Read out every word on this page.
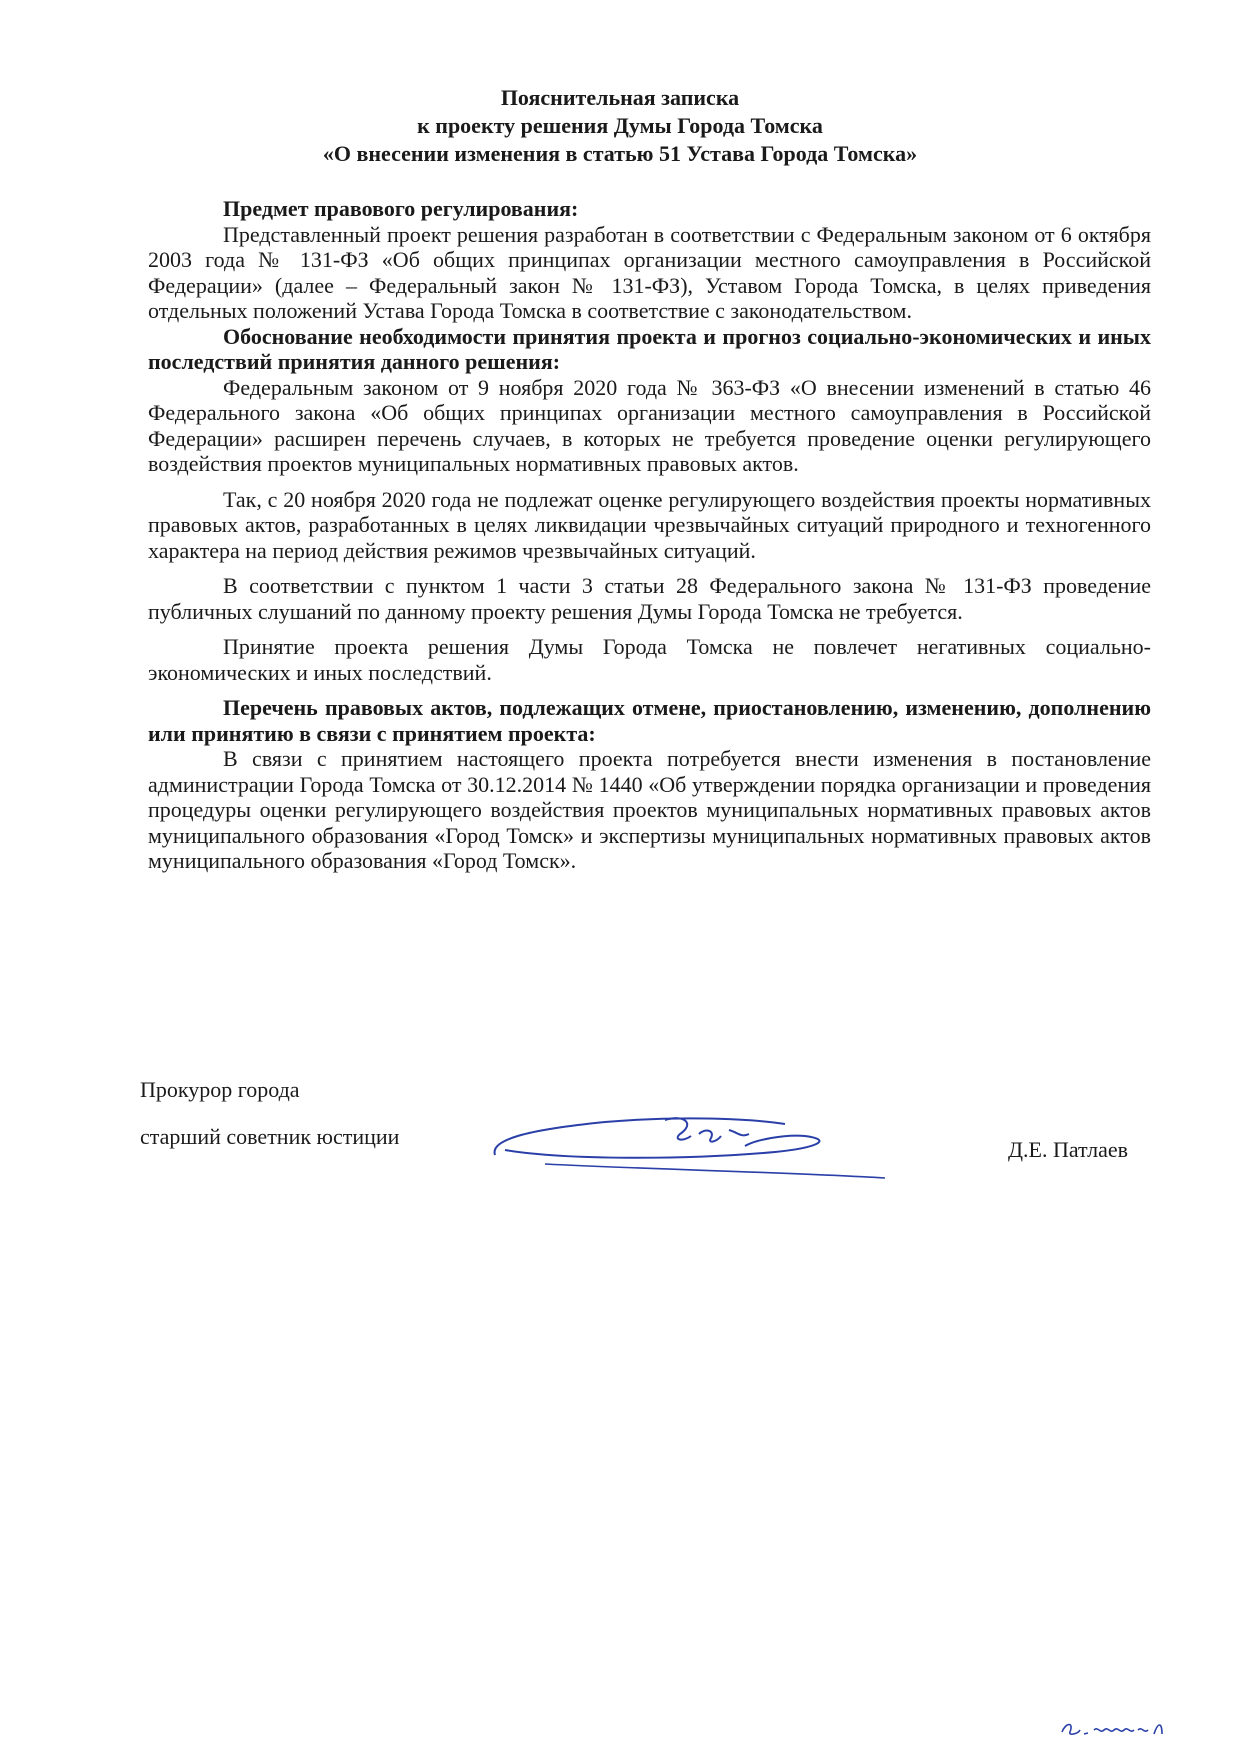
Пояснительная записка
к проекту решения Думы Города Томска
«О внесении изменения в статью 51 Устава Города Томска»

Предмет правового регулирования:

Представленный проект решения разработан в соответствии с Федеральным законом от 6 октября 2003 года № 131-ФЗ «Об общих принципах организации местного самоуправления в Российской Федерации» (далее – Федеральный закон № 131-ФЗ), Уставом Города Томска, в целях приведения отдельных положений Устава Города Томска в соответствие с законодательством.

Обоснование необходимости принятия проекта и прогноз социально-экономических и иных последствий принятия данного решения:

Федеральным законом от 9 ноября 2020 года № 363-ФЗ «О внесении изменений в статью 46 Федерального закона «Об общих принципах организации местного самоуправления в Российской Федерации» расширен перечень случаев, в которых не требуется проведение оценки регулирующего воздействия проектов муниципальных нормативных правовых актов.

Так, с 20 ноября 2020 года не подлежат оценке регулирующего воздействия проекты нормативных правовых актов, разработанных в целях ликвидации чрезвычайных ситуаций природного и техногенного характера на период действия режимов чрезвычайных ситуаций.

В соответствии с пунктом 1 части 3 статьи 28 Федерального закона № 131-ФЗ проведение публичных слушаний по данному проекту решения Думы Города Томска не требуется.

Принятие проекта решения Думы Города Томска не повлечет негативных социально-экономических и иных последствий.

Перечень правовых актов, подлежащих отмене, приостановлению, изменению, дополнению или принятию в связи с принятием проекта:

В связи с принятием настоящего проекта потребуется внести изменения в постановление администрации Города Томска от 30.12.2014 № 1440 «Об утверждении порядка организации и проведения процедуры оценки регулирующего воздействия проектов муниципальных нормативных правовых актов муниципального образования «Город Томск» и экспертизы муниципальных нормативных правовых актов муниципального образования «Город Томск».

Прокурор города
старший советник юстиции
Д.Е. Патлаев
